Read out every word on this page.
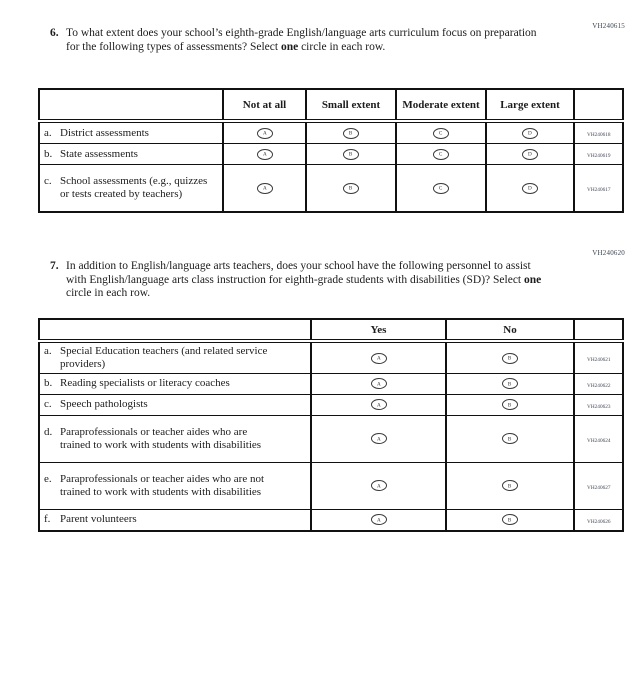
VH240615
6. To what extent does your school’s eighth-grade English/language arts curriculum focus on preparation for the following types of assessments? Select one circle in each row.
	Not at all	Small extent	Moderate extent	Large extent	

a. District assessments	A	B	C	D	VH240618

b. State assessments	A	B	C	D	VH240619

c. School assessments (e.g., quizzes or tests created by teachers)	A	B	C	D	VH240617
VH240620
7. In addition to English/language arts teachers, does your school have the following personnel to assist with English/language arts class instruction for eighth-grade students with disabilities (SD)? Select one circle in each row.
	Yes	No	

a. Special Education teachers (and related service providers)	A	B	VH240621

b. Reading specialists or literacy coaches	A	B	VH240622

c. Speech pathologists	A	B	VH240623

d. Paraprofessionals or teacher aides who are trained to work with students with disabilities	A	B	VH240624

e. Paraprofessionals or teacher aides who are not trained to work with students with disabilities	A	B	VH240627

f. Parent volunteers	A	B	VH240626
